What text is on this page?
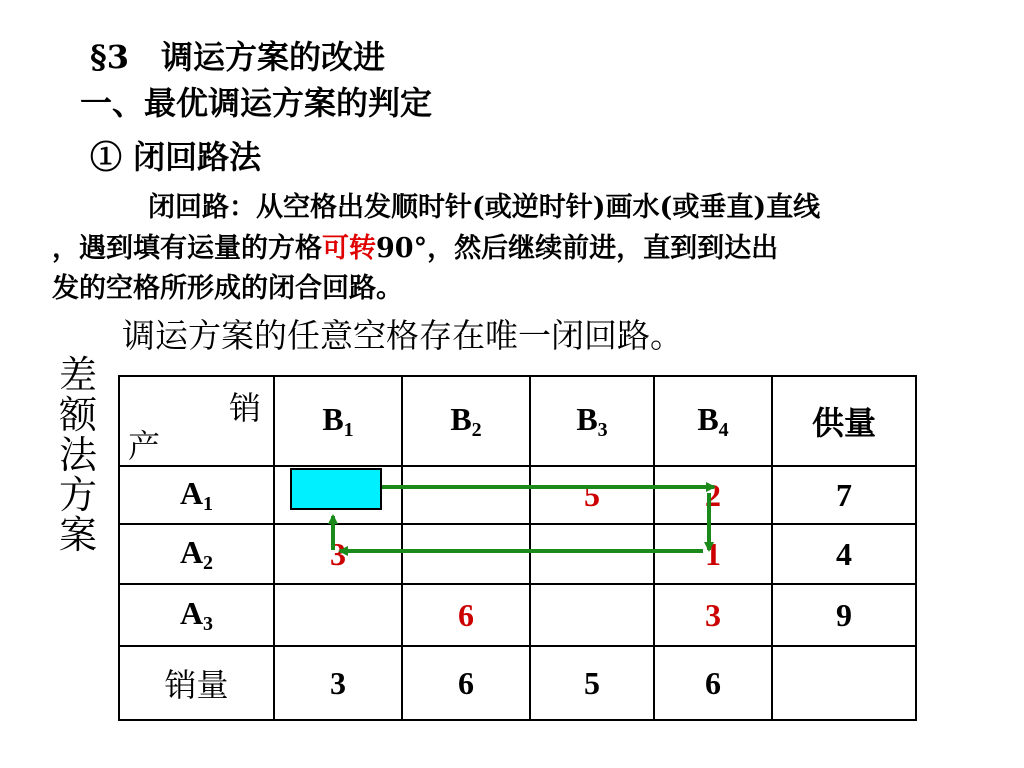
§3　调运方案的改进
一、最优调运方案的判定
① 闭回路法
闭回路：从空格出发顺时针(或逆时针)画水(或垂直)直线
，遇到填有运量的方格可转90°，然后继续前进，直到到达出
发的空格所形成的闭合回路。
调运方案的任意空格存在唯一闭回路。
差额法方案
销
产	$B_1$	$B_2$	$B_3$	$B_4$	供量
$A_1$			5	2	7
$A_2$	3			1	4
$A_3$		6		3	9
销量	3	6	5	6	
